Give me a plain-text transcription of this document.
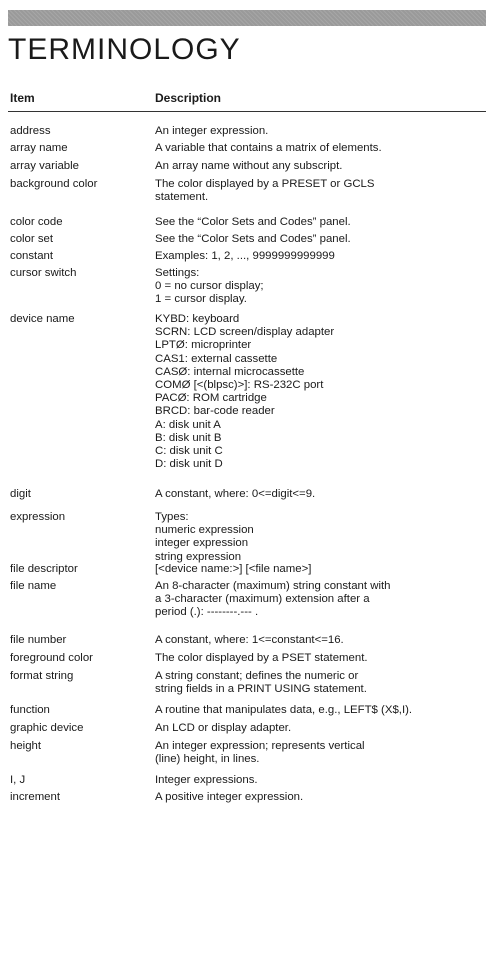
TERMINOLOGY
Item	Description
address	An integer expression.
array name	A variable that contains a matrix of elements.
array variable	An array name without any subscript.
background color	The color displayed by a PRESET or GCLS
statement.
color code	See the “Color Sets and Codes” panel.
color set	See the “Color Sets and Codes” panel.
constant	Examples: 1, 2, ..., 9999999999999
cursor switch	Settings:
0 = no cursor display;
1 = cursor display.
device name	KYBD: keyboard
SCRN: LCD screen/display adapter
LPTØ: microprinter
CAS1: external cassette
CASØ: internal microcassette
COMØ [<(blpsc)>]: RS-232C port
PACØ: ROM cartridge
BRCD: bar-code reader
A: disk unit A
B: disk unit B
C: disk unit C
D: disk unit D
digit	A constant, where: 0<=digit<=9.
expression	Types:
numeric expression
integer expression
string expression
file descriptor	[<device name:>] [<file name>]
file name	An 8-character (maximum) string constant with
a 3-character (maximum) extension after a
period (.): --------.--- .
file number	A constant, where: 1<=constant<=16.
foreground color	The color displayed by a PSET statement.
format string	A string constant; defines the numeric or
string fields in a PRINT USING statement.
function	A routine that manipulates data, e.g., LEFT$ (X$,I).
graphic device	An LCD or display adapter.
height	An integer expression; represents vertical
(line) height, in lines.
I, J	Integer expressions.
increment	A positive integer expression.
